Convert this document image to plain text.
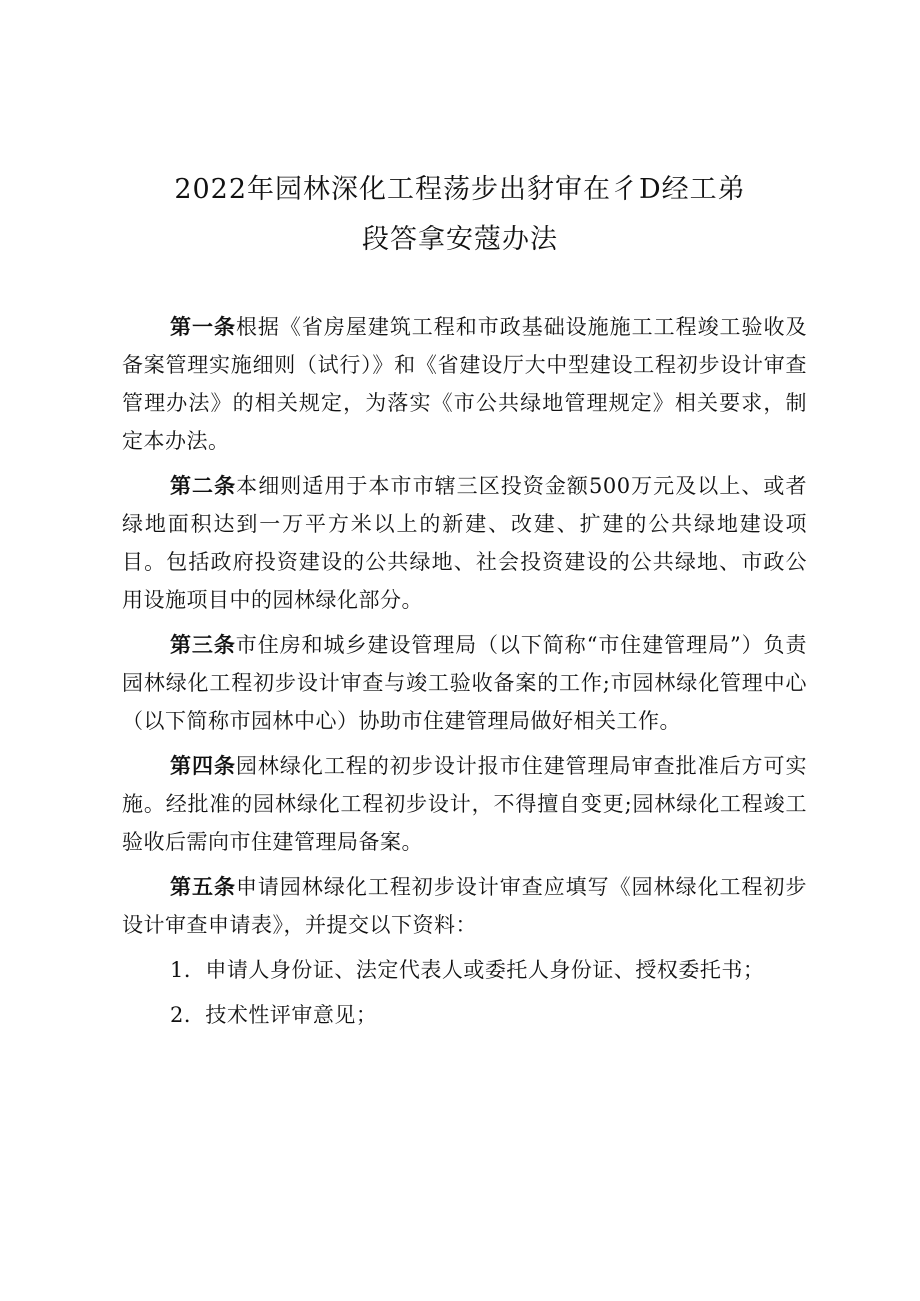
2022年园林深化工程荡步出豺审在彳D经工弟
段答拿安蔻办法

第一条根据《省房屋建筑工程和市政基础设施施工工程竣工验收及备案管理实施细则（试行）》和《省建设厅大中型建设工程初步设计审查管理办法》的相关规定，为落实《市公共绿地管理规定》相关要求，制定本办法。

第二条本细则适用于本市市辖三区投资金额500万元及以上、或者绿地面积达到一万平方米以上的新建、改建、扩建的公共绿地建设项目。包括政府投资建设的公共绿地、社会投资建设的公共绿地、市政公用设施项目中的园林绿化部分。

第三条市住房和城乡建设管理局（以下简称“市住建管理局”）负责园林绿化工程初步设计审查与竣工验收备案的工作;市园林绿化管理中心（以下简称市园林中心）协助市住建管理局做好相关工作。

第四条园林绿化工程的初步设计报市住建管理局审查批准后方可实施。经批准的园林绿化工程初步设计，不得擅自变更;园林绿化工程竣工验收后需向市住建管理局备案。

第五条申请园林绿化工程初步设计审查应填写《园林绿化工程初步设计审查申请表》，并提交以下资料：

1．申请人身份证、法定代表人或委托人身份证、授权委托书；

2．技术性评审意见；
